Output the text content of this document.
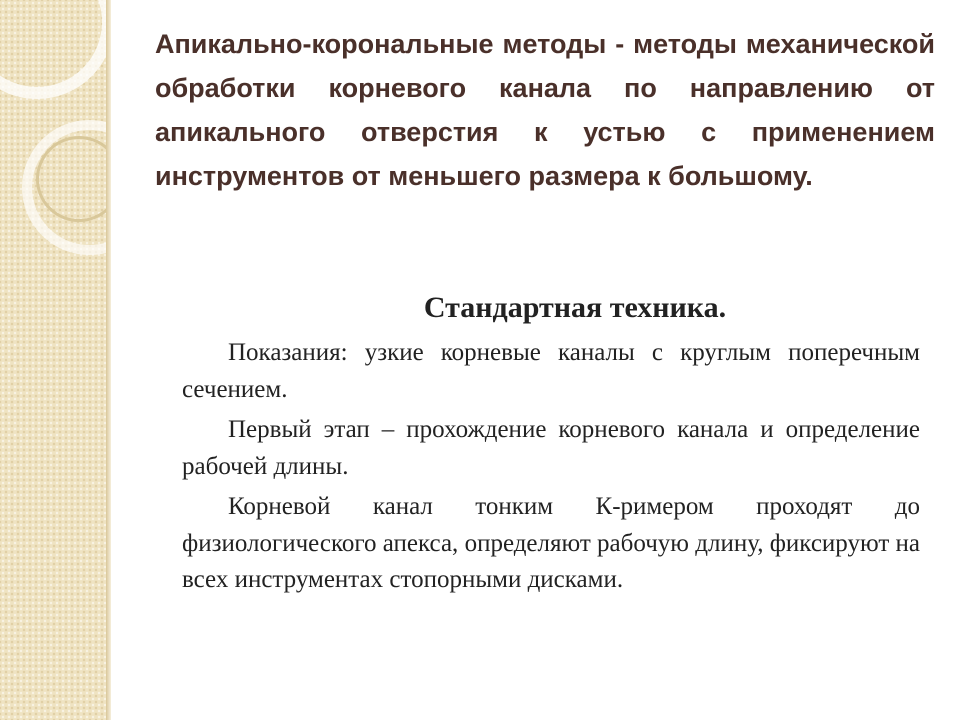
Апикально-корональные методы - методы механической обработки корневого канала по направлению от апикального отверстия к устью с применением инструментов от меньшего размера к большому.
Стандартная техника.

Показания: узкие корневые каналы с круглым поперечным сечением.

Первый этап – прохождение корневого канала и определение рабочей длины.

Корневой канал тонким К-римером проходят до физиологического апекса, определяют рабочую длину, фиксируют на всех инструментах стопорными дисками.
